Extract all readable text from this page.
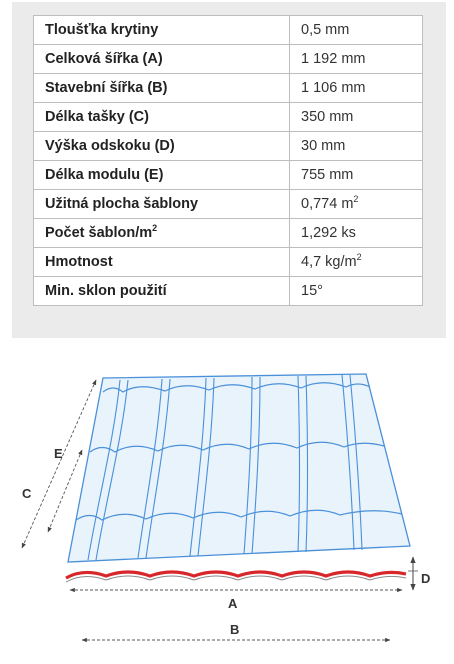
Tloušťka krytiny	0,5 mm
Celková šířka (A)	1 192 mm
Stavební šířka (B)	1 106 mm
Délka tašky (C)	350 mm
Výška odskoku (D)	30 mm
Délka modulu (E)	755 mm
Užitná plocha šablony	0,774 $m^2$
Počet šablon/$m^2$	1,292 ks
Hmotnost	4,7 $kg/m^2$
Min. sklon použití	15°
C
E
D
A
B
